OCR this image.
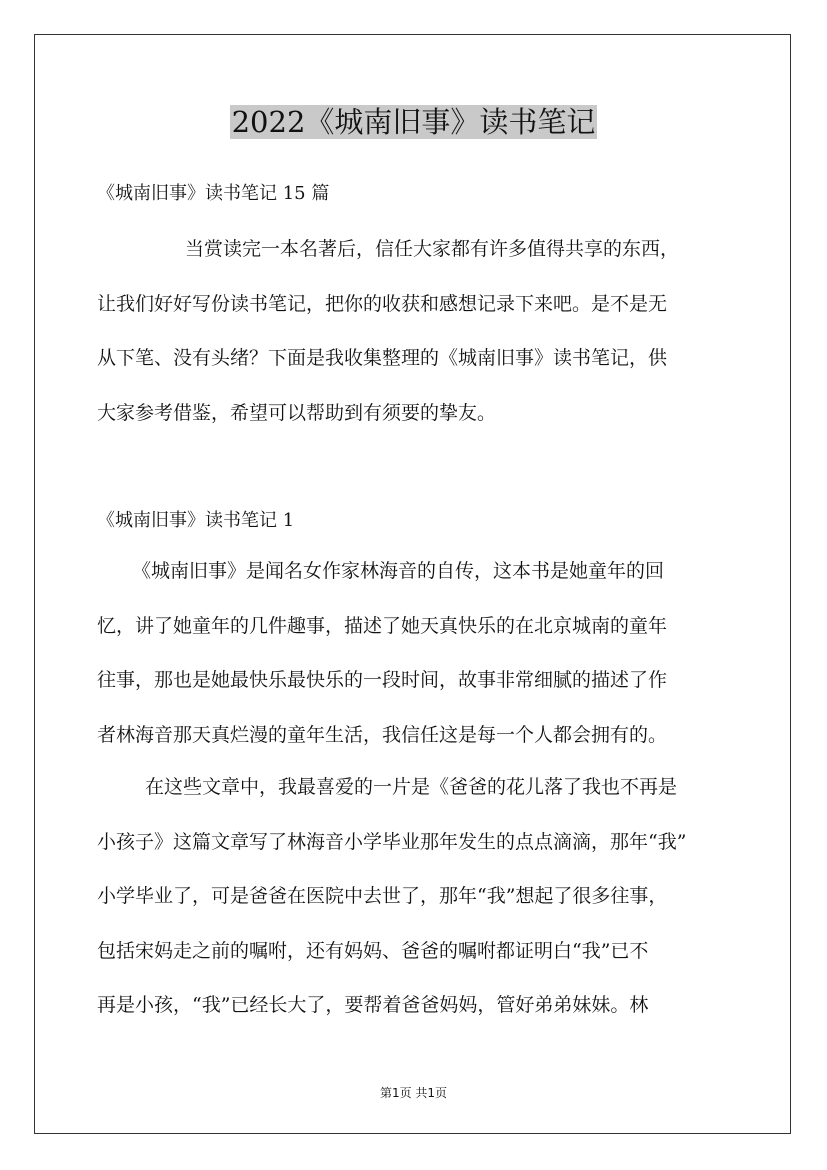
2022《城南旧事》读书笔记
《城南旧事》读书笔记 15 篇
当赏读完一本名著后，信任大家都有许多值得共享的东西，
让我们好好写份读书笔记，把你的收获和感想记录下来吧。是不是无
从下笔、没有头绪？下面是我收集整理的《城南旧事》读书笔记，供
大家参考借鉴，希望可以帮助到有须要的挚友。
《城南旧事》读书笔记 1
《城南旧事》是闻名女作家林海音的自传，这本书是她童年的回
忆，讲了她童年的几件趣事，描述了她天真快乐的在北京城南的童年
往事，那也是她最快乐最快乐的一段时间，故事非常细腻的描述了作
者林海音那天真烂漫的童年生活，我信任这是每一个人都会拥有的。
在这些文章中，我最喜爱的一片是《爸爸的花儿落了我也不再是
小孩子》这篇文章写了林海音小学毕业那年发生的点点滴滴，那年“我”
小学毕业了，可是爸爸在医院中去世了，那年“我”想起了很多往事，
包括宋妈走之前的嘱咐，还有妈妈、爸爸的嘱咐都证明白“我”已不
再是小孩，“我”已经长大了，要帮着爸爸妈妈，管好弟弟妹妹。林
第1页 共1页
